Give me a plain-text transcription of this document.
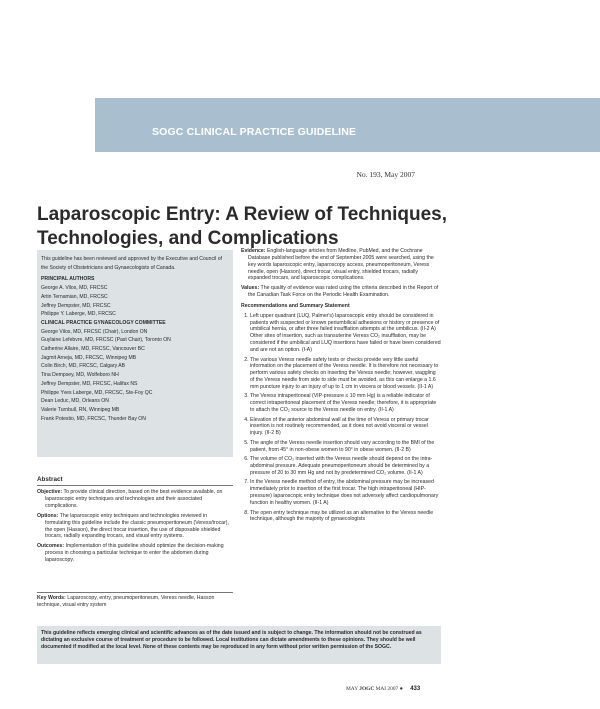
SOGC CLINICAL PRACTICE GUIDELINE
No. 193, May 2007
Laparoscopic Entry: A Review of Techniques, Technologies, and Complications

This guideline has been reviewed and approved by the Executive and Council of the Society of Obstetricians and Gynaecologists of Canada.

PRINCIPAL AUTHORS
George A. Vilos, MD, FRCSC
Artin Ternamian, MD, FRCSC
Jeffrey Dempster, MD, FRCSC
Philippe Y. Laberge, MD, FRCSC
CLINICAL PRACTICE GYNAECOLOGY COMMITTEE
George Vilos, MD, FRCSC (Chair), London ON
Guylaine Lefebvre, MD, FRCSC (Past Chair), Toronto ON
Catherine Allaire, MD, FRCSC, Vancouver BC
Jagmit Arneja, MD, FRCSC, Winnipeg MB
Colin Birch, MD, FRCSC, Calgary AB
Tina Dempsey, MD, Wolfeboro NH
Jeffrey Dempster, MD, FRCSC, Halifax NS
Philippe Yves Laberge, MD, FRCSC, Ste-Foy QC
Dean Leduc, MD, Orleans ON
Valerie Turnbull, RN, Winnipeg MB
Frank Potestio, MD, FRCSC, Thunder Bay ON
Abstract
Objective: To provide clinical direction, based on the best evidence available, on laparoscopic entry techniques and technologies and their associated complications.
Options: The laparoscopic entry techniques and technologies reviewed in formulating this guideline include the classic pneumoperitoneum (Veress/trocar), the open (Hasson), the direct trocar insertion, the use of disposable shielded trocars, radially expanding trocars, and visual entry systems.
Outcomes: Implementation of this guideline should optimize the decision-making process in choosing a particular technique to enter the abdomen during laparoscopy.
Key Words: Laparoscopy, entry, pneumoperitoneum, Veress needle, Hasson technique, visual entry system

Evidence: English-language articles from Medline, PubMed, and the Cochrane Database published before the end of September 2005 were searched, using the key words laparoscopic entry, laparoscopy access, pneumoperitoneum, Veress needle, open (Hasson), direct trocar, visual entry, shielded trocars, radially expanded trocars, and laparoscopic complications.

Values: The quality of evidence was rated using the criteria described in the Report of the Canadian Task Force on the Periodic Health Examination.

Recommendations and Summary Statement
1. Left upper quadrant (LUQ, Palmer's) laparoscopic entry should be considered in patients with suspected or known periumbilical adhesions or history or presence of umbilical hernia, or after three failed insufflation attempts at the umbilicus. (II-2 A) Other sites of insertion, such as transuterine Veress CO₂ insufflation, may be considered if the umbilical and LUQ insertions have failed or have been considered and are not an option. (I-A)
2. The various Veress needle safety tests or checks provide very little useful information on the placement of the Veress needle. It is therefore not necessary to perform various safety checks on inserting the Veress needle; however, waggling of the Veress needle from side to side must be avoided, as this can enlarge a 1.6 mm puncture injury to an injury of up to 1 cm in viscera or blood vessels. (II-1 A)
3. The Veress intraperitoneal (VIP-pressure ≤ 10 mm Hg) is a reliable indicator of correct intraperitoneal placement of the Veress needle; therefore, it is appropriate to attach the CO₂ source to the Veress needle on entry. (II-1 A)
4. Elevation of the anterior abdominal wall at the time of Veress or primary trocar insertion is not routinely recommended, as it does not avoid visceral or vessel injury. (II-2 B)
5. The angle of the Veress needle insertion should vary according to the BMI of the patient, from 45° in non-obese women to 90° in obese women. (II-2 B)
6. The volume of CO₂ inserted with the Veress needle should depend on the intra-abdominal pressure. Adequate pneumoperitoneum should be determined by a pressure of 20 to 30 mm Hg and not by predetermined CO₂ volume. (II-1 A)
7. In the Veress needle method of entry, the abdominal pressure may be increased immediately prior to insertion of the first trocar. The high intraperitoneal (HIP-pressure) laparoscopic entry technique does not adversely affect cardiopulmonary function in healthy women. (II-1 A)
8. The open entry technique may be utilized as an alternative to the Veress needle technique, although the majority of gynaecologists

This guideline reflects emerging clinical and scientific advances as of the date issued and is subject to change. The information should not be construed as dictating an exclusive course of treatment or procedure to be followed. Local institutions can dictate amendments to these opinions. They should be well documented if modified at the local level. None of these contents may be reproduced in any form without prior written permission of the SOGC.

MAY JOGC MAI 2007 ● 433
